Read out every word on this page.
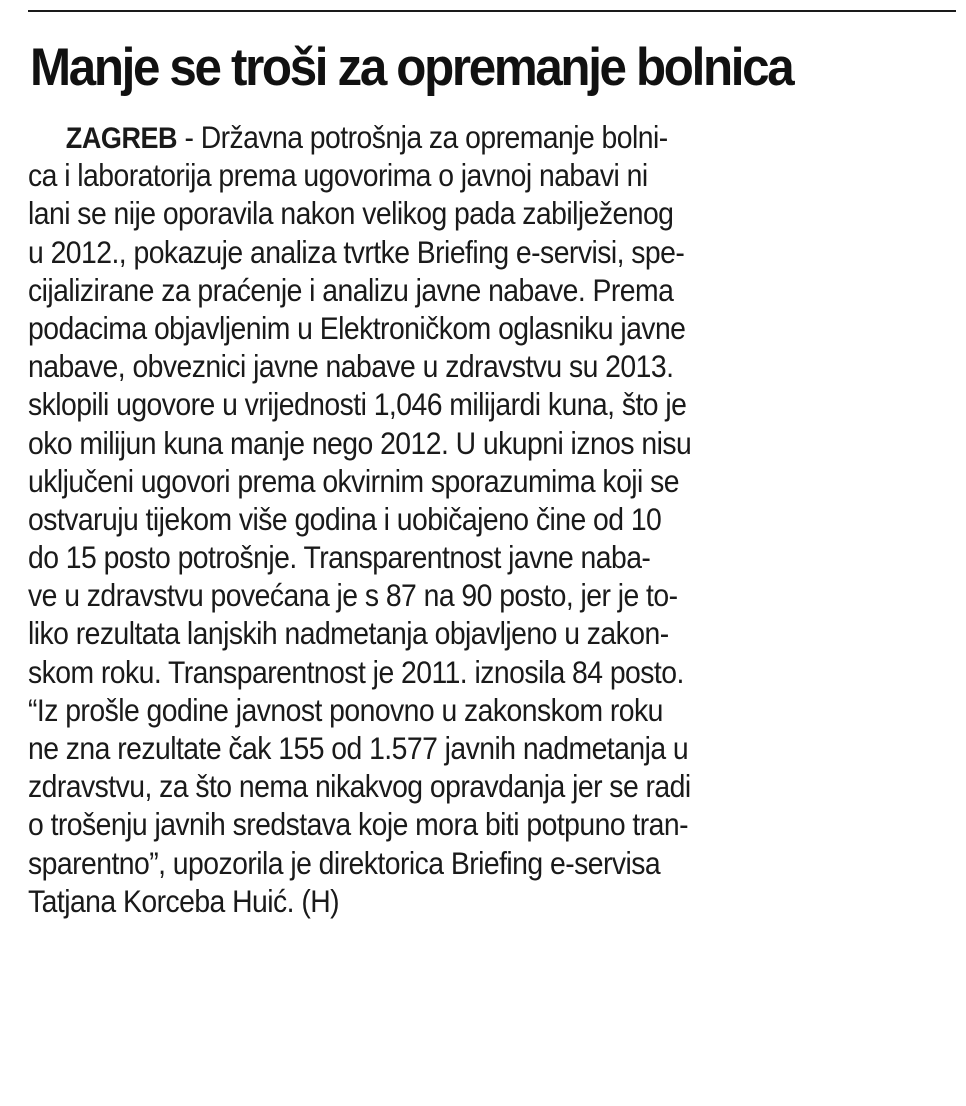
Manje se troši za opremanje bolnica
ZAGREB - Državna potrošnja za opremanje bolni-
ca i laboratorija prema ugovorima o javnoj nabavi ni
lani se nije oporavila nakon velikog pada zabilježenog
u 2012., pokazuje analiza tvrtke Briefing e-servisi, spe-
cijalizirane za praćenje i analizu javne nabave. Prema
podacima objavljenim u Elektroničkom oglasniku javne
nabave, obveznici javne nabave u zdravstvu su 2013.
sklopili ugovore u vrijednosti 1,046 milijardi kuna, što je
oko milijun kuna manje nego 2012. U ukupni iznos nisu
uključeni ugovori prema okvirnim sporazumima koji se
ostvaruju tijekom više godina i uobičajeno čine od 10
do 15 posto potrošnje. Transparentnost javne naba-
ve u zdravstvu povećana je s 87 na 90 posto, jer je to-
liko rezultata lanjskih nadmetanja objavljeno u zakon-
skom roku. Transparentnost je 2011. iznosila 84 posto.
“Iz prošle godine javnost ponovno u zakonskom roku
ne zna rezultate čak 155 od 1.577 javnih nadmetanja u
zdravstvu, za što nema nikakvog opravdanja jer se radi
o trošenju javnih sredstava koje mora biti potpuno tran-
sparentno”, upozorila je direktorica Briefing e-servisa
Tatjana Korceba Huić. (H)
